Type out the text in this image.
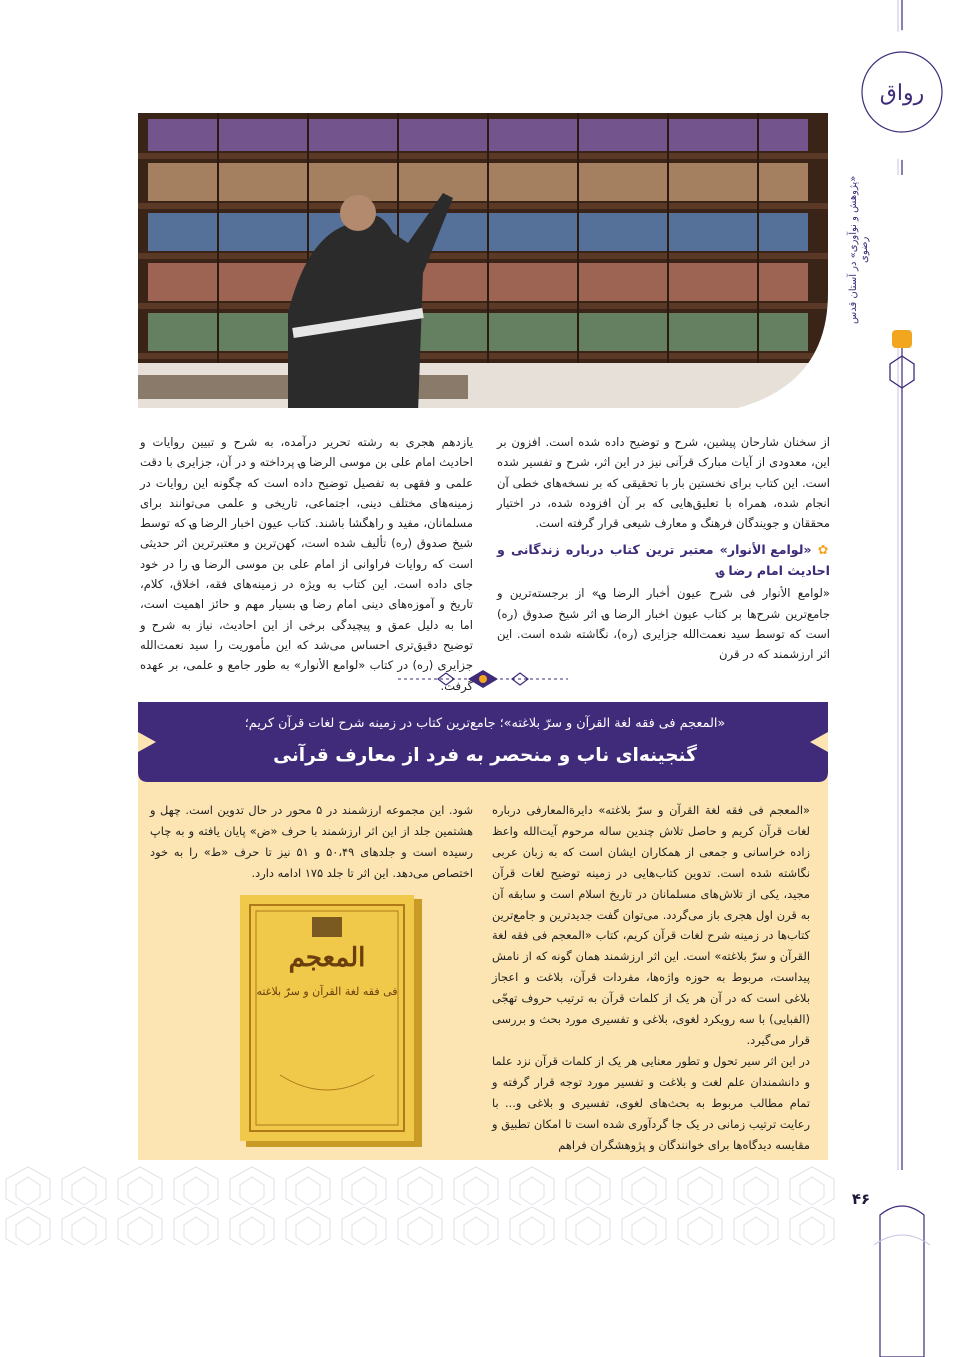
رواق
«پژوهش و نوآوری» در آستان قدس رضوی

از سخنان شارحان پیشین، شرح و توضیح داده شده است. افزون بر این، معدودی از آیات مبارک قرآنی نیز در این اثر، شرح و تفسیر شده است. این کتاب برای نخستین بار با تحقیقی که بر نسخه‌های خطی آن انجام شده، همراه با تعلیق‌هایی که بر آن افزوده شده، در اختیار محققان و جویندگان فرهنگ و معارف شیعی قرار گرفته است.

✿ «لوامع الأنوار» معتبر ترین کتاب درباره زندگانی و احادیث امام رضا ؈

«لوامع الأنوار فی شرح عیون أخبار الرضا ؈» از برجسته‌ترین و جامع‌ترین شرح‌ها بر کتاب عیون اخبار الرضا ؈ اثر شیخ صدوق (ره) است که توسط سید نعمت‌الله جزایری (ره)، نگاشته شده است. این اثر ارزشمند که در قرن

یازدهم هجری به رشته تحریر درآمده، به شرح و تبیین روایات و احادیث امام علی بن موسی الرضا ؈ پرداخته و در آن، جزایری با دقت علمی و فقهی به تفصیل توضیح داده است که چگونه این روایات در زمینه‌های مختلف دینی، اجتماعی، تاریخی و علمی می‌توانند برای مسلمانان، مفید و راهگشا باشند. کتاب عیون اخبار الرضا ؈ که توسط شیخ صدوق (ره) تألیف شده است، کهن‌ترین و معتبرترین اثر حدیثی است که روایات فراوانی از امام علی بن موسی الرضا ؈ را در خود جای داده است. این کتاب به ویژه در زمینه‌های فقه، اخلاق، کلام، تاریخ و آموزه‌های دینی امام رضا ؈ بسیار مهم و حائز اهمیت است، اما به دلیل عمق و پیچیدگی برخی از این احادیث، نیاز به شرح و توضیح دقیق‌تری احساس می‌شد که این مأموریت را سید نعمت‌الله جزایری (ره) در کتاب «لوامع الأنوار» به طور جامع و علمی، بر عهده گرفت.

«المعجم فی فقه لغة القرآن و سرّ بلاغته»؛ جامع‌ترین کتاب در زمینه شرح لغات قرآن کریم؛
گنجینه‌ای ناب و منحصر به فرد از معارف قرآنی

«المعجم فی فقه لغة القرآن و سرّ بلاغته» دایرة‌المعارفی درباره لغات قرآن کریم و حاصل تلاش چندین ساله مرحوم آیت‌الله واعظ زاده خراسانی و جمعی از همکاران ایشان است که به زبان عربی نگاشته شده است. تدوین کتاب‌هایی در زمینه توضیح لغات قرآن مجید، یکی از تلاش‌های مسلمانان در تاریخ اسلام است و سابقه آن به قرن اول هجری باز می‌گردد. می‌توان گفت جدیدترین و جامع‌ترین کتاب‌ها در زمینه شرح لغات قرآن کریم، کتاب «المعجم فی فقه لغة القرآن و سرّ بلاغته» است. این اثر ارزشمند همان گونه که از نامش پیداست، مربوط به حوزه واژه‌ها، مفردات قرآن، بلاغت و اعجاز بلاغی است که در آن هر یک از کلمات قرآن به ترتیب حروف تهجّی (الفبایی) با سه رویکرد لغوی، بلاغی و تفسیری مورد بحث و بررسی قرار می‌گیرد.

در این اثر سیر تحول و تطور معنایی هر یک از کلمات قرآن نزد علما و دانشمندان علم لغت و بلاغت و تفسیر مورد توجه قرار گرفته و تمام مطالب مربوط به بحث‌های لغوی، تفسیری و بلاغی و... با رعایت ترتیب زمانی در یک جا گردآوری شده است تا امکان تطبیق و مقایسه دیدگاه‌ها برای خوانندگان و پژوهشگران فراهم

شود. این مجموعه ارزشمند در ۵ محور در حال تدوین است. چهل و هشتمین جلد از این اثر ارزشمند با حرف «ض» پایان یافته و به چاپ رسیده است و جلدهای ۵۰،۴۹ و ۵۱ نیز تا حرف «ط» را به خود اختصاص می‌دهد. این اثر تا جلد ۱۷۵ ادامه دارد.

المعجم
فی فقه لغة القرآن و سرّ بلاغته
۴۶
